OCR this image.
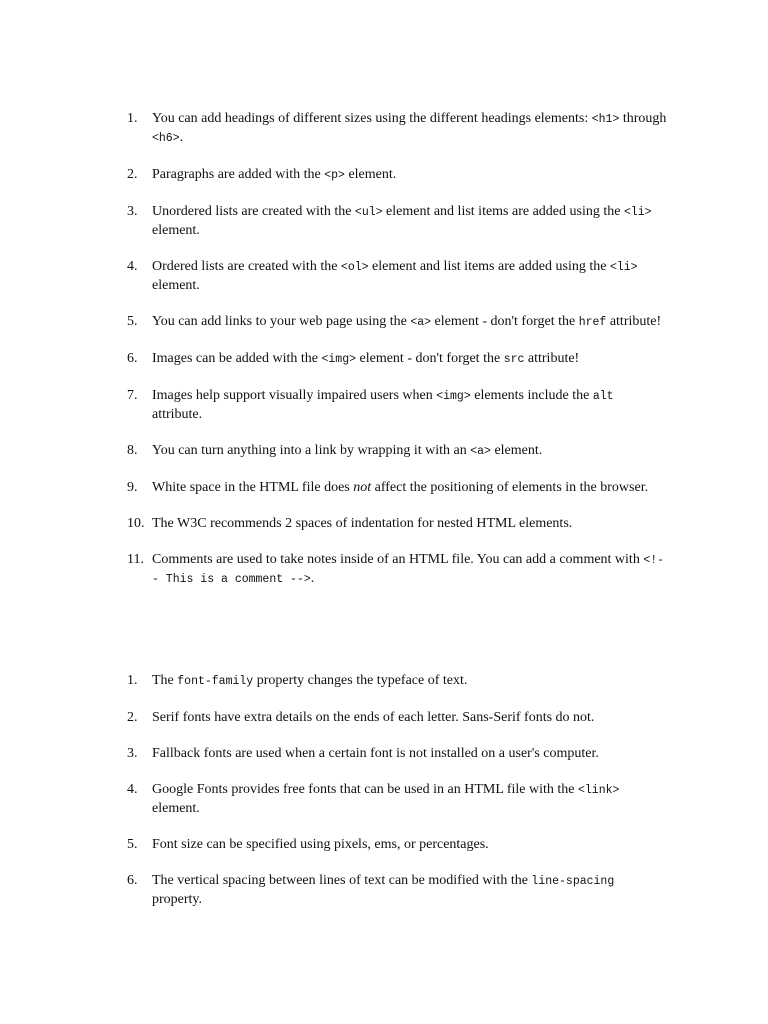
1. You can add headings of different sizes using the different headings elements: <h1> through <h6>.
2. Paragraphs are added with the <p> element.
3. Unordered lists are created with the <ul> element and list items are added using the <li> element.
4. Ordered lists are created with the <ol> element and list items are added using the <li> element.
5. You can add links to your web page using the <a> element - don't forget the href attribute!
6. Images can be added with the <img> element - don't forget the src attribute!
7. Images help support visually impaired users when <img> elements include the alt attribute.
8. You can turn anything into a link by wrapping it with an <a> element.
9. White space in the HTML file does not affect the positioning of elements in the browser.
10. The W3C recommends 2 spaces of indentation for nested HTML elements.
11. Comments are used to take notes inside of an HTML file. You can add a comment with <!-- This is a comment -->.
1. The font-family property changes the typeface of text.
2. Serif fonts have extra details on the ends of each letter. Sans-Serif fonts do not.
3. Fallback fonts are used when a certain font is not installed on a user's computer.
4. Google Fonts provides free fonts that can be used in an HTML file with the <link> element.
5. Font size can be specified using pixels, ems, or percentages.
6. The vertical spacing between lines of text can be modified with the line-spacing property.
